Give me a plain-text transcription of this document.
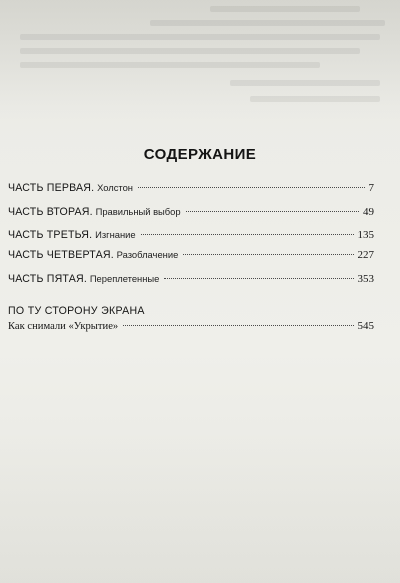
СОДЕРЖАНИЕ
ЧАСТЬ ПЕРВАЯ . Холстон	7
ЧАСТЬ ВТОРАЯ . Правильный выбор	49
ЧАСТЬ ТРЕТЬЯ . Изгнание	135
ЧАСТЬ ЧЕТВЕРТАЯ . Разоблачение	227
ЧАСТЬ ПЯТАЯ . Переплетенные	353
ПО ТУ СТОРОНУ ЭКРАНА
Как снимали «Укрытие»	545
